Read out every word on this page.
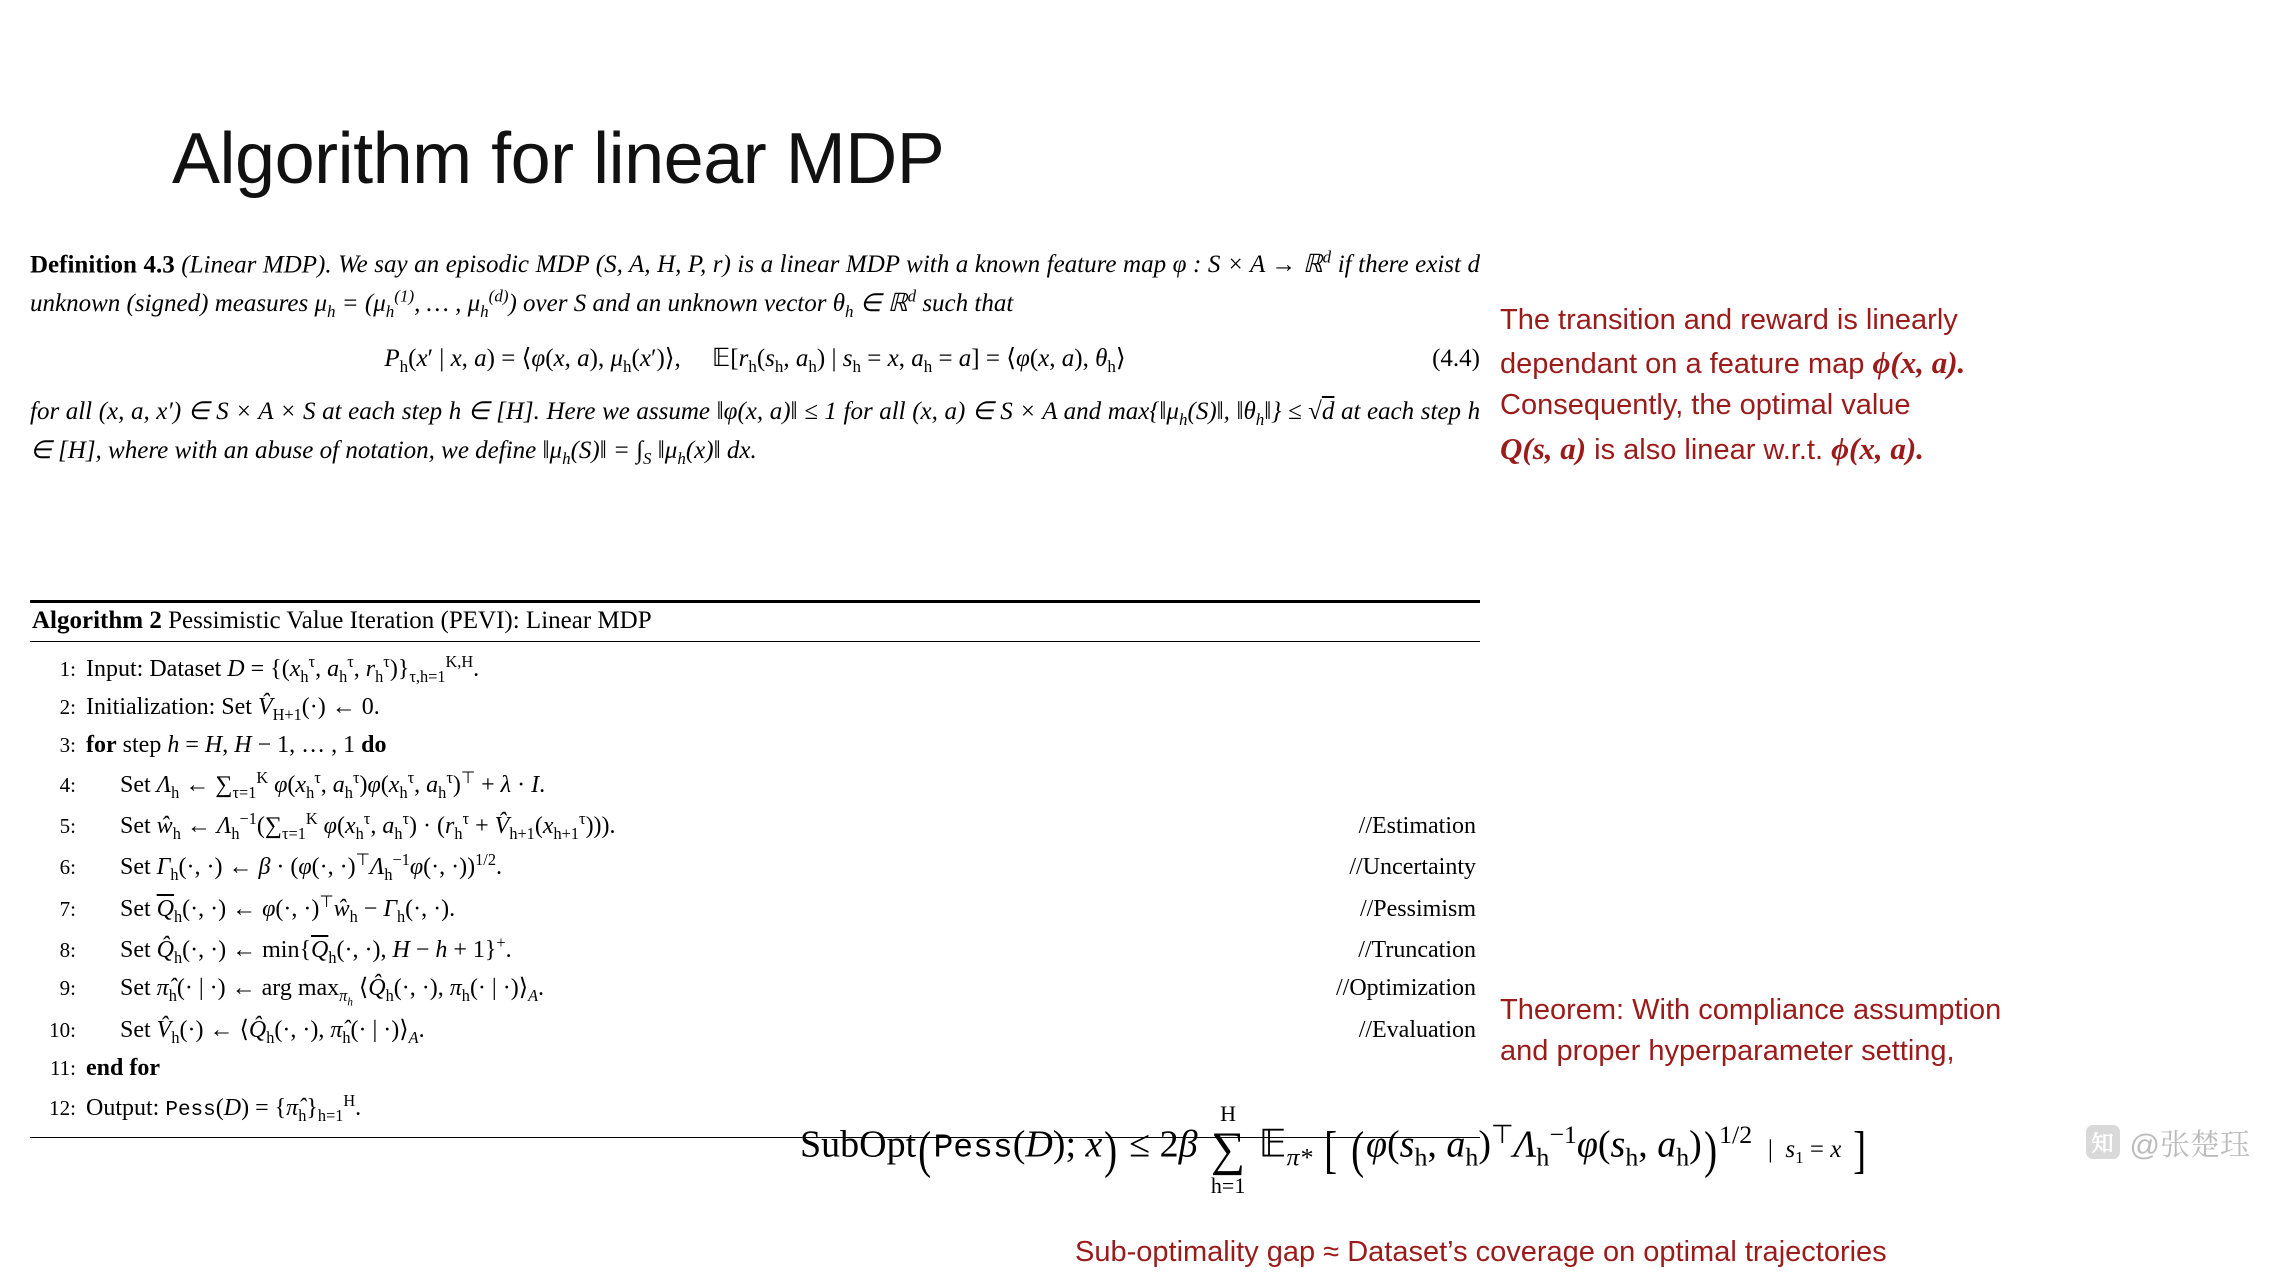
Algorithm for linear MDP
Definition 4.3 (Linear MDP). We say an episodic MDP (S, A, H, P, r) is a linear MDP with a known feature map φ : S × A → ℝ$^d$ if there exist d unknown (signed) measures $\mu_h = (\mu_h^{(1)}$, … , $\mu_h^{(d)}$) over S and an unknown vector $\theta_h$ ∈ ℝ$^d$ such that
$P_h(x'$ | x, a) = ⟨φ(x, a), $\mu_h(x')⟩$,     $𝔼[r_h(s_h$, $a_h$) | $s_h = x$, $a_h = a$] = ⟨φ(x, a), $\theta_h⟩$	(4.4)
for all (x, a, x′) ∈ S × A × S at each step h ∈ [H]. Here we assume ‖φ(x, a)‖ ≤ 1 for all (x, a) ∈ S × A and $\max\{‖\mu_h(S)‖$, $‖\theta_h‖\} \le √d$ at each step h ∈ [H], where with an abuse of notation, we define $‖\mu_h(S)‖ = \int_S$ $‖\mu_h(x)‖$ dx.
Algorithm 2 Pessimistic Value Iteration (PEVI): Linear MDP
1: Input: Dataset $D = \{(x_h^\tau$, $a_h^\tau$, $r_h^\tau)\}_{\tau,h=1}^{K,H}$.
2: Initialization: Set $V̂_{H+1}(\cdot)$ ← 0.
3: for step h = H, H − 1, … , 1 do
4:	Set $\Lambda_h$ ← $\sum_{\tau=1}^K$ $\varphi(x_h^\tau$, $a_h^\tau)\varphi(x_h^\tau$, $a_h^\tau)^⊤ + \lambda \cdot I$.
5:	Set $ŵ_h$ ← $\Lambda_h^{-1}(\sum_{\tau=1}^K$ $\varphi(x_h^\tau$, $a_h^\tau) \cdot (r_h^\tau$ + $V̂_{h+1}(x_{h+1}^\tau)$)).	//Estimation
6:	Set $\Gamma_h(\cdot$, ·) ← β · (φ(·, $\cdot)^⊤\Lambda_h^{-1}\varphi(\cdot$, ·))$^{1/2}$.	//Uncertainty
7:	Set $\overline{Q}_h(\cdot$, ·) ← φ(·, $\cdot)^⊤ŵ_h - \Gamma_h(\cdot$, ·).	//Pessimism
8:	Set $Q̂_h(\cdot$, ·) ← $\min\{\overline{Q}_h(\cdot$, ·), H − h + 1}+.	//Truncation
9:	Set $\pî_h(\cdot$ | ·) ← arg $\max_{\pi_h}$ $⟨Q̂_h(\cdot$, ·), $\pi_h(\cdot$ | $\cdot)⟩_A$.	//Optimization
10:	Set $V̂_h(\cdot)$ ← $⟨Q̂_h(\cdot$, ·), $\pî_h(\cdot$ | $\cdot)⟩_A$.	//Evaluation
11: end for
12: Output: Pess(D) = $\{\pî_h\}_{h=1}^H$.
The transition and reward is linearly
dependant on a feature map ϕ(x, a).
Consequently, the optimal value
Q(s, a) is also linear w.r.t. ϕ(x, a).
Theorem: With compliance assumption
and proper hyperparameter setting,
SubOpt(Pess(D); x) ≤ 2β
H
∑
h=1
𝔼$_{\pi*}$ [ ($\varphi(s_h$, $a_h)^⊤\Lambda_h^{-1}\varphi(s_h$, $a_h))^{1/2}$  |  $s_1 = x$ ]
Sub-optimality gap ≈ Dataset’s coverage on optimal trajectories
知 @张楚珏
